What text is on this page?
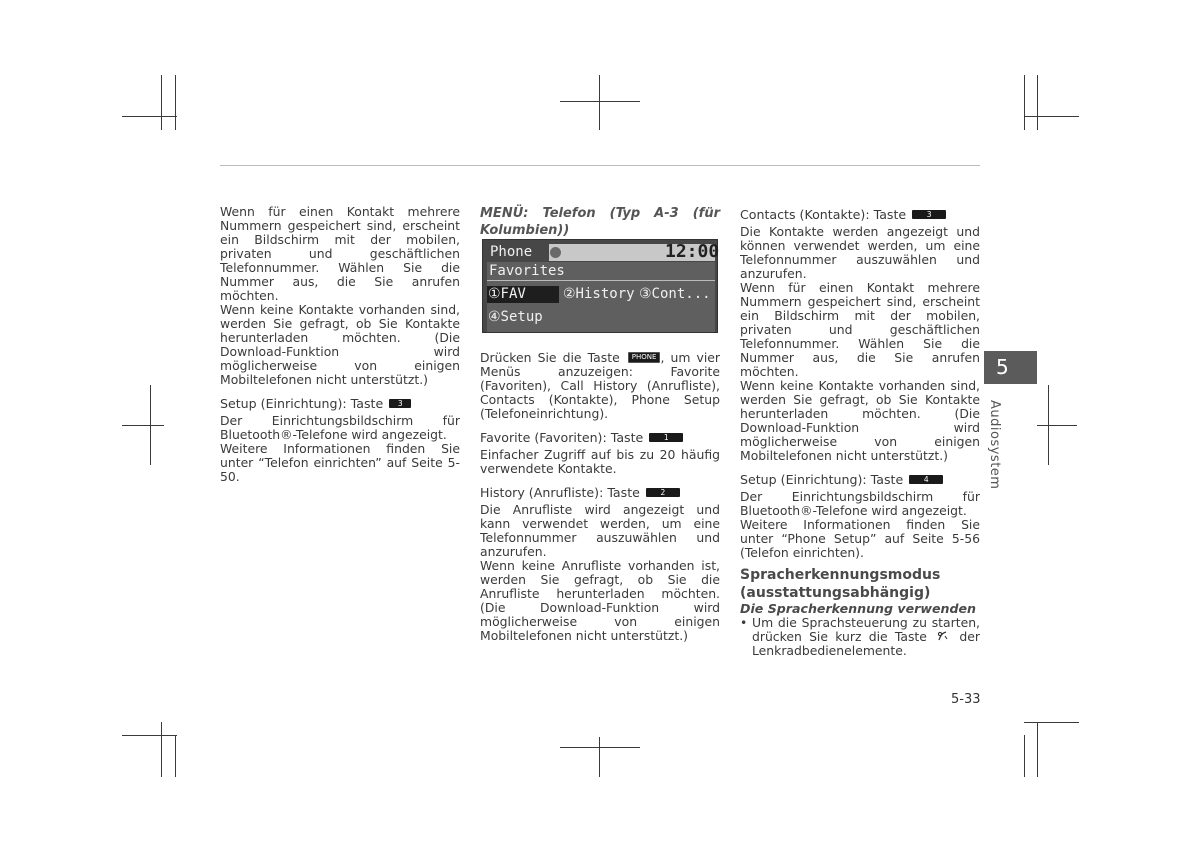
Wenn für einen Kontakt mehrere Nummern gespeichert sind, erscheint ein Bildschirm mit der mobilen, privaten und geschäftlichen Telefonnummer. Wählen Sie die Nummer aus, die Sie anrufen möchten.

Wenn keine Kontakte vorhanden sind, werden Sie gefragt, ob Sie Kontakte herunterladen möchten. (Die Download-Funktion wird möglicherweise von einigen Mobiltelefonen nicht unterstützt.)

Setup (Einrichtung): Taste 3

Der Einrichtungsbildschirm für Bluetooth®-Telefone wird angezeigt.

Weitere Informationen finden Sie unter “Telefon einrichten” auf Seite 5-50.

MENÜ: Telefon (Typ A-3 (für Kolumbien))

Phone	12:00
Favorites
①FAV	②History ③Cont...
④Setup

Drücken Sie die Taste PHONE , um vier Menüs anzuzeigen: Favorite (Favoriten), Call History (Anrufliste), Contacts (Kontakte), Phone Setup (Telefoneinrichtung).

Favorite (Favoriten): Taste	1

Einfacher Zugriff auf bis zu 20 häufig verwendete Kontakte.

History (Anrufliste): Taste	2

Die Anrufliste wird angezeigt und kann verwendet werden, um eine Telefonnummer auszuwählen und anzurufen.

Wenn keine Anrufliste vorhanden ist, werden Sie gefragt, ob Sie die Anrufliste herunterladen möchten. (Die Download-Funktion wird möglicherweise von einigen Mobiltelefonen nicht unterstützt.)

Contacts (Kontakte): Taste	3

Die Kontakte werden angezeigt und können verwendet werden, um eine Telefonnummer auszuwählen und anzurufen.

Wenn für einen Kontakt mehrere Nummern gespeichert sind, erscheint ein Bildschirm mit der mobilen, privaten und geschäftlichen Telefonnummer. Wählen Sie die Nummer aus, die Sie anrufen möchten.

Wenn keine Kontakte vorhanden sind, werden Sie gefragt, ob Sie Kontakte herunterladen möchten. (Die Download-Funktion wird möglicherweise von einigen Mobiltelefonen nicht unterstützt.)

Setup (Einrichtung): Taste	4

Der Einrichtungsbildschirm für Bluetooth®-Telefone wird angezeigt.

Weitere Informationen finden Sie unter “Phone Setup” auf Seite 5-56 (Telefon einrichten).

Spracherkennungsmodus (ausstattungsabhängig)

Die Spracherkennung verwenden

• Um die Sprachsteuerung zu starten, drücken Sie kurz die Taste	der Lenkradbedienelemente.
5
Audiosystem
5-33
